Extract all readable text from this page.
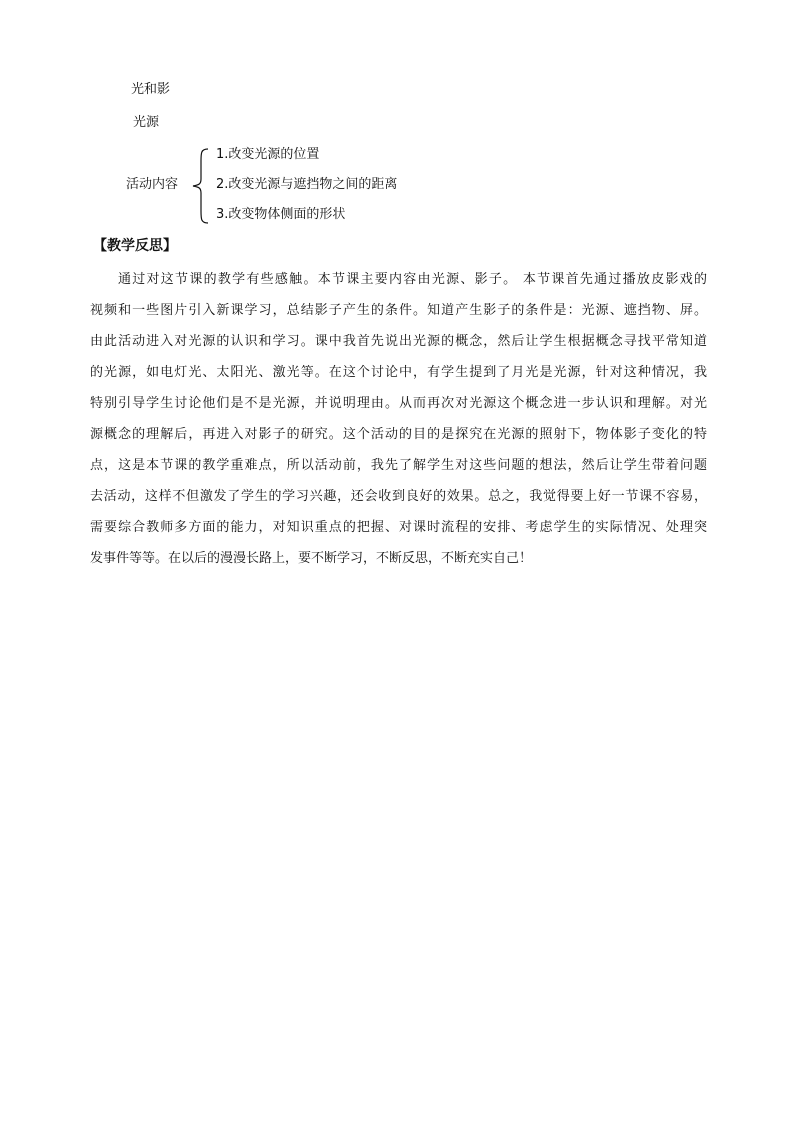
光和影
光源
活动内容
1.改变光源的位置
2.改变光源与遮挡物之间的距离
3.改变物体侧面的形状
【教学反思】
通过对这节课的教学有些感触。本节课主要内容由光源、影子。 本节课首先通过播放皮影戏的
视频和一些图片引入新课学习，总结影子产生的条件。知道产生影子的条件是：光源、遮挡物、屏。
由此活动进入对光源的认识和学习。课中我首先说出光源的概念，然后让学生根据概念寻找平常知道
的光源，如电灯光、太阳光、激光等。在这个讨论中，有学生提到了月光是光源，针对这种情况，我
特别引导学生讨论他们是不是光源，并说明理由。从而再次对光源这个概念进一步认识和理解。对光
源概念的理解后，再进入对影子的研究。这个活动的目的是探究在光源的照射下，物体影子变化的特
点，这是本节课的教学重难点，所以活动前，我先了解学生对这些问题的想法，然后让学生带着问题
去活动，这样不但激发了学生的学习兴趣，还会收到良好的效果。总之，我觉得要上好一节课不容易，
需要综合教师多方面的能力，对知识重点的把握、对课时流程的安排、考虑学生的实际情况、处理突
发事件等等。在以后的漫漫长路上，要不断学习，不断反思，不断充实自己！
